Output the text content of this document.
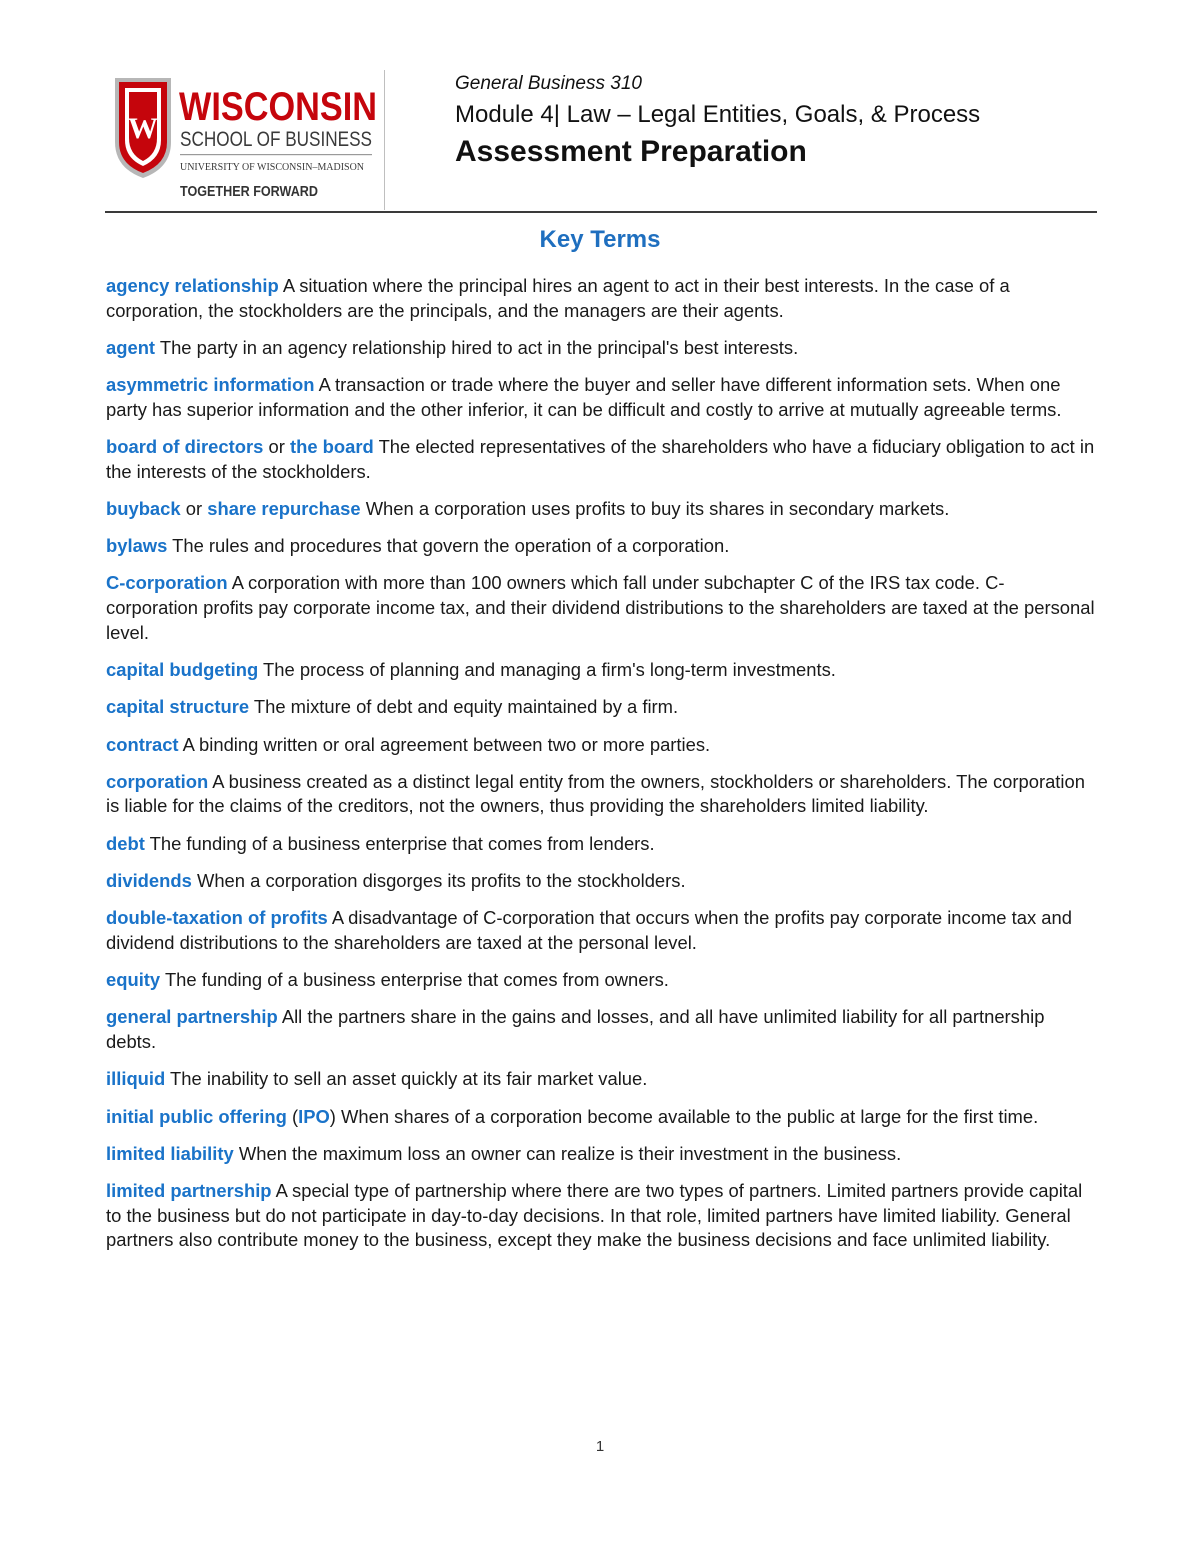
W WISCONSIN
SCHOOL OF BUSINESS
UNIVERSITY OF WISCONSIN–MADISON
TOGETHER FORWARD
General Business 310
Module 4| Law – Legal Entities, Goals, & Process
Assessment Preparation
Key Terms

agency relationship A situation where the principal hires an agent to act in their best interests. In the case of a corporation, the stockholders are the principals, and the managers are their agents.

agent The party in an agency relationship hired to act in the principal's best interests.

asymmetric information A transaction or trade where the buyer and seller have different information sets. When one party has superior information and the other inferior, it can be difficult and costly to arrive at mutually agreeable terms.

board of directors or the board The elected representatives of the shareholders who have a fiduciary obligation to act in the interests of the stockholders.

buyback or share repurchase When a corporation uses profits to buy its shares in secondary markets.

bylaws The rules and procedures that govern the operation of a corporation.

C-corporation A corporation with more than 100 owners which fall under subchapter C of the IRS tax code. C-corporation profits pay corporate income tax, and their dividend distributions to the shareholders are taxed at the personal level.

capital budgeting The process of planning and managing a firm's long-term investments.

capital structure The mixture of debt and equity maintained by a firm.

contract A binding written or oral agreement between two or more parties.

corporation A business created as a distinct legal entity from the owners, stockholders or shareholders. The corporation is liable for the claims of the creditors, not the owners, thus providing the shareholders limited liability.

debt The funding of a business enterprise that comes from lenders.

dividends When a corporation disgorges its profits to the stockholders.

double-taxation of profits A disadvantage of C-corporation that occurs when the profits pay corporate income tax and dividend distributions to the shareholders are taxed at the personal level.

equity The funding of a business enterprise that comes from owners.

general partnership All the partners share in the gains and losses, and all have unlimited liability for all partnership debts.

illiquid The inability to sell an asset quickly at its fair market value.

initial public offering (IPO) When shares of a corporation become available to the public at large for the first time.

limited liability When the maximum loss an owner can realize is their investment in the business.

limited partnership A special type of partnership where there are two types of partners. Limited partners provide capital to the business but do not participate in day-to-day decisions. In that role, limited partners have limited liability. General partners also contribute money to the business, except they make the business decisions and face unlimited liability.

1
